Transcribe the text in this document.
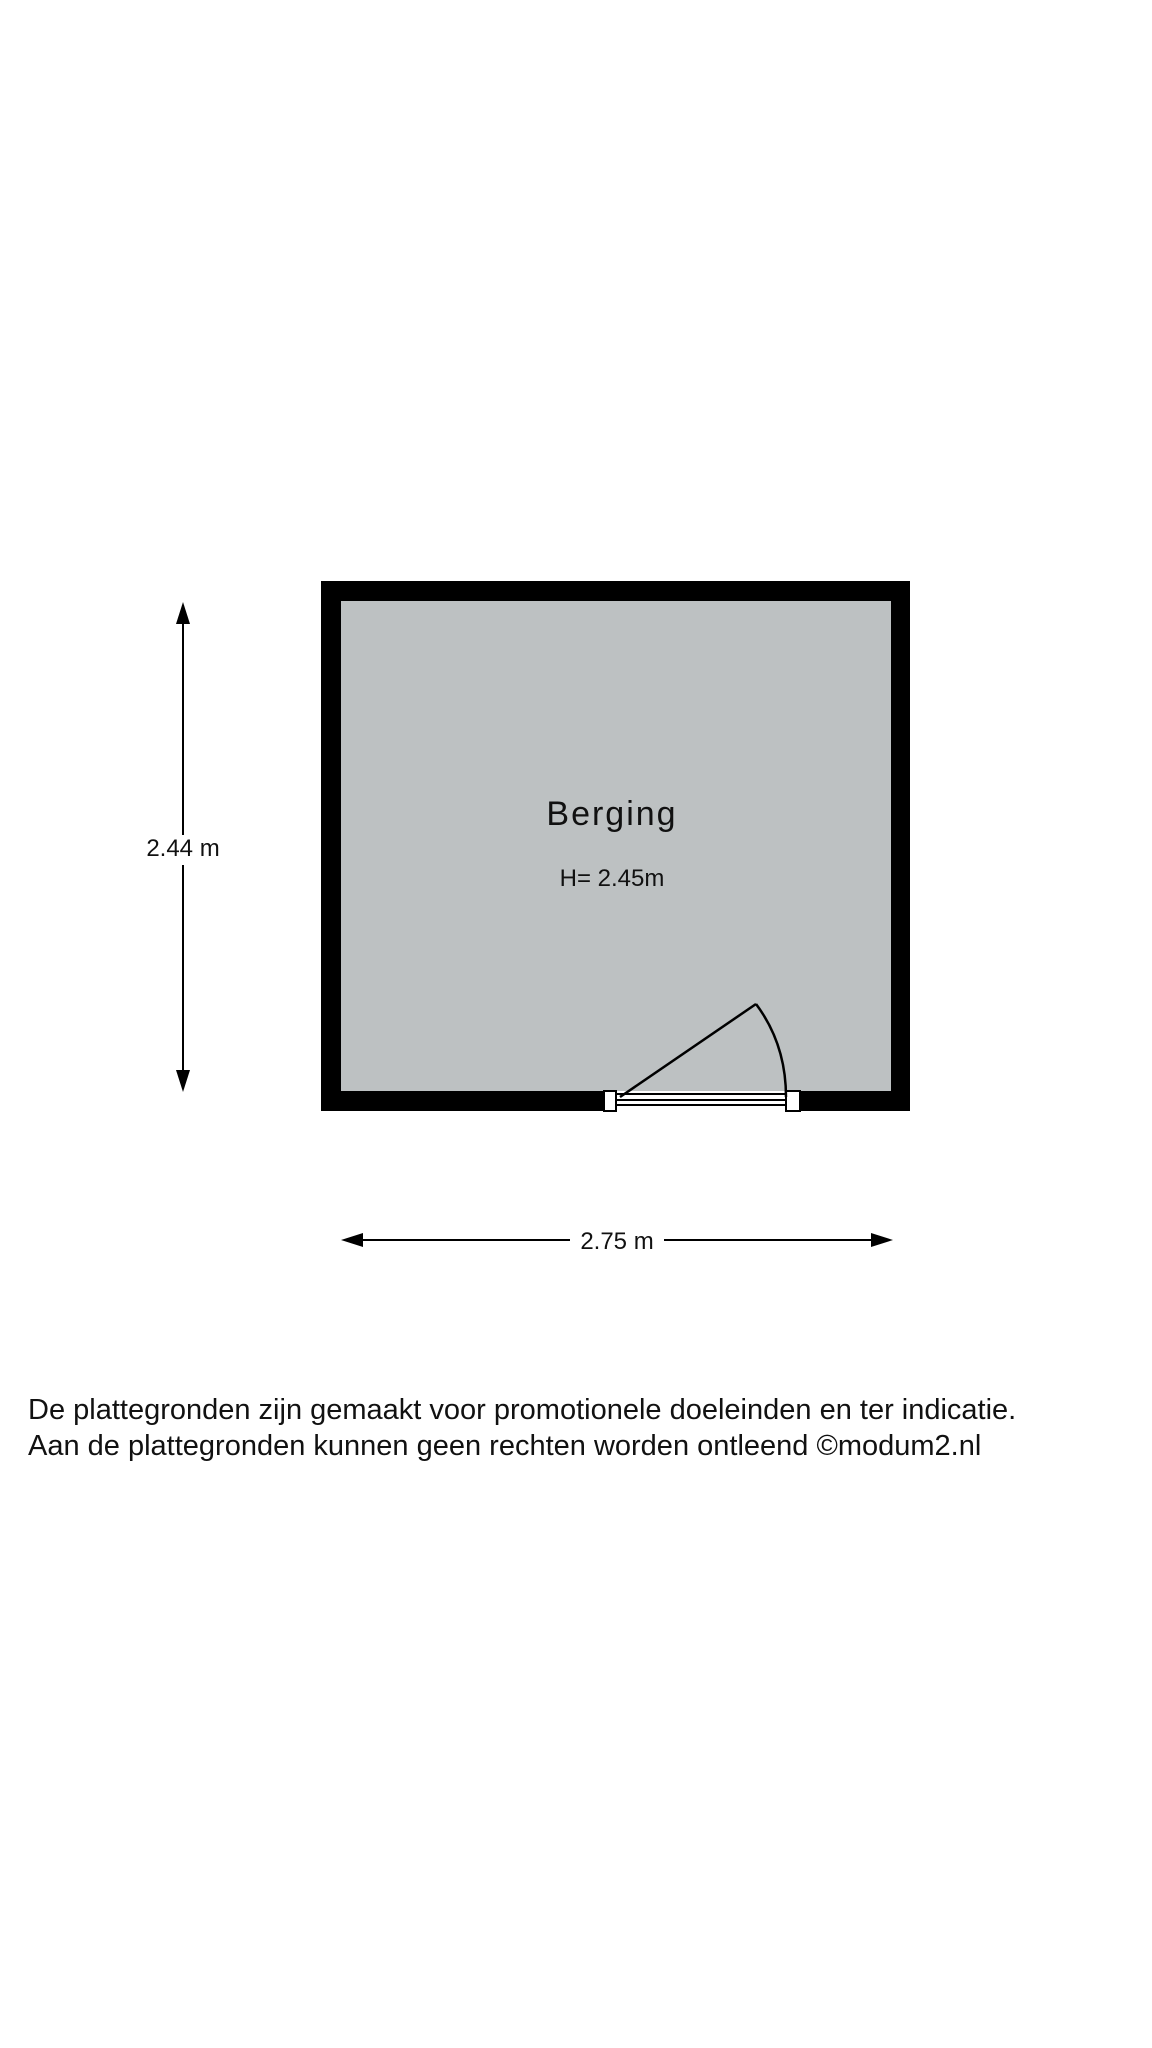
Berging
H= 2.45m
2.44 m
2.75 m
De plattegronden zijn gemaakt voor promotionele doeleinden en ter indicatie.
Aan de plattegronden kunnen geen rechten worden ontleend ©modum2.nl
